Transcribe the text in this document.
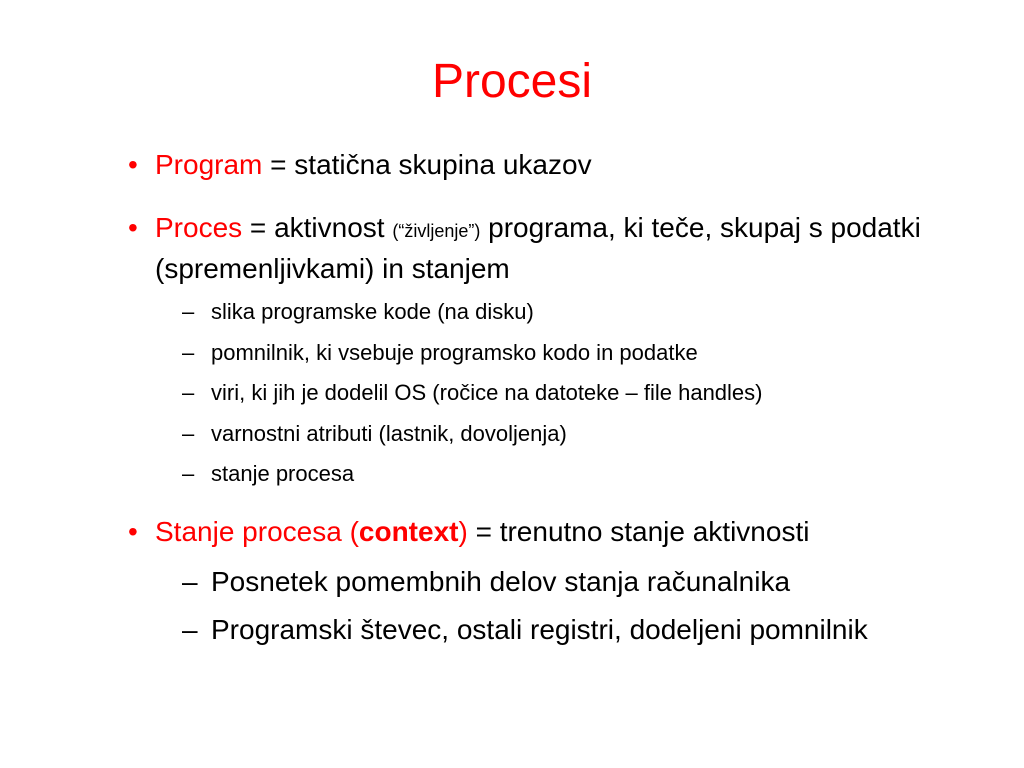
Procesi
• Program = statična skupina ukazov
• Proces = aktivnost (“življenje”) programa, ki teče, skupaj s podatki (spremenljivkami) in stanjem
– slika programske kode (na disku)
– pomnilnik, ki vsebuje programsko kodo in podatke
– viri, ki jih je dodelil OS (ročice na datoteke – file handles)
– varnostni atributi (lastnik, dovoljenja)
– stanje procesa
• Stanje procesa (context) = trenutno stanje aktivnosti
– Posnetek pomembnih delov stanja računalnika
– Programski števec, ostali registri, dodeljeni pomnilnik
